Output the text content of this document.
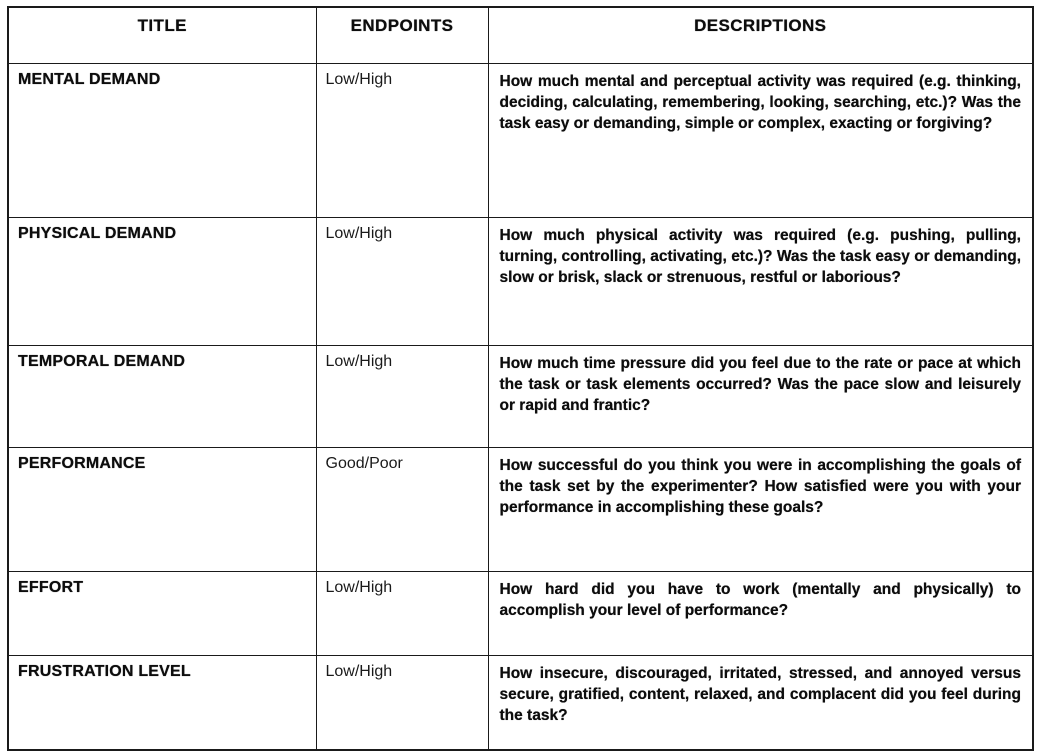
TITLE	ENDPOINTS	DESCRIPTIONS
MENTAL DEMAND	Low/High	How much mental and perceptual activity was required (e.g. thinking, deciding, calculating, remembering, looking, searching, etc.)? Was the task easy or demanding, simple or complex, exacting or forgiving?
PHYSICAL DEMAND	Low/High	How much physical activity was required (e.g. pushing, pulling, turning, controlling, activating, etc.)? Was the task easy or demanding, slow or brisk, slack or strenuous, restful or laborious?
TEMPORAL DEMAND	Low/High	How much time pressure did you feel due to the rate or pace at which the task or task elements occurred? Was the pace slow and leisurely or rapid and frantic?
PERFORMANCE	Good/Poor	How successful do you think you were in accomplishing the goals of the task set by the experimenter? How satisfied were you with your performance in accomplishing these goals?
EFFORT	Low/High	How hard did you have to work (mentally and physically) to accomplish your level of performance?
FRUSTRATION LEVEL	Low/High	How insecure, discouraged, irritated, stressed, and annoyed versus secure, gratified, content, relaxed, and complacent did you feel during the task?
